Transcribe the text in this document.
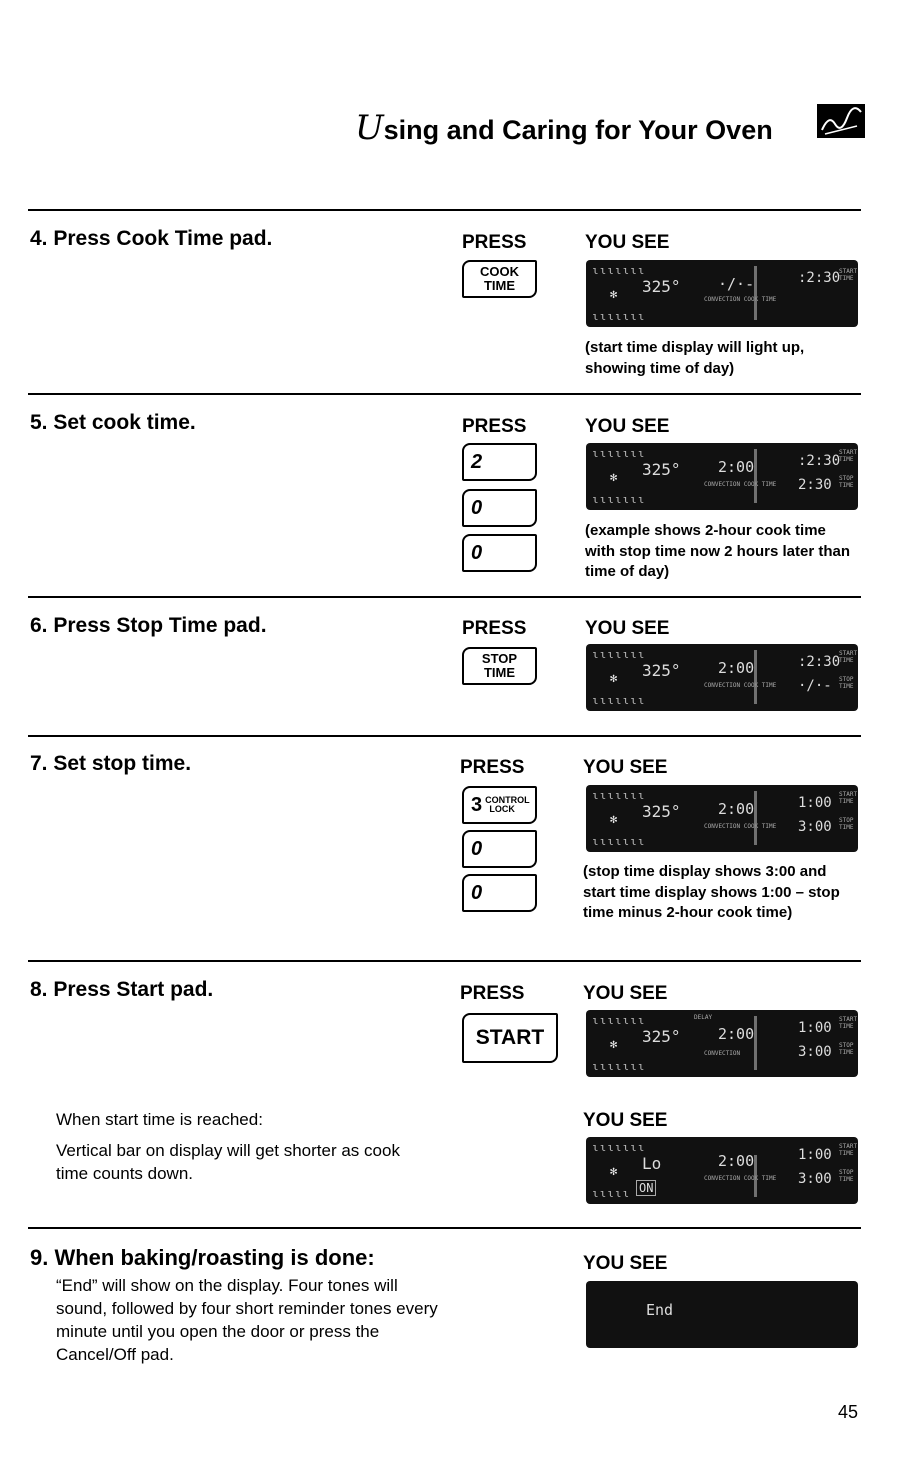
Using and Caring for Your Oven
4. Press Cook Time pad.	PRESS	YOU SEE
COOK TIME
ɩɩɩɩɩɩɩ
✻
ɩɩɩɩɩɩɩ
325° ·/·-
CONVECTION COOK TIME
:2:30
START TIME
(start time display will light up, showing time of day)
5. Set cook time.	PRESS	YOU SEE
2
0
0
ɩɩɩɩɩɩɩ
✻
ɩɩɩɩɩɩɩ
325° 2:00
CONVECTION COOK TIME
:2:30
START TIME
2:30 STOP TIME
(example shows 2-hour cook time with stop time now 2 hours later than time of day)
6. Press Stop Time pad.	PRESS	YOU SEE
STOP TIME
ɩɩɩɩɩɩɩ
✻
ɩɩɩɩɩɩɩ
325° 2:00
CONVECTION COOK TIME
:2:30
START TIME
·/·- STOP TIME
7. Set stop time.	PRESS	YOU SEE
3 CONTROL LOCK
0
0
ɩɩɩɩɩɩɩ
✻
ɩɩɩɩɩɩɩ
325° 2:00
CONVECTION COOK TIME
1:00
START TIME
3:00 STOP TIME
(stop time display shows 3:00 and start time display shows 1:00 – stop time minus 2-hour cook time)
8. Press Start pad.	PRESS	YOU SEE
START
ɩɩɩɩɩɩɩ
✻
ɩɩɩɩɩɩɩ
325°
DELAY
2:00
CONVECTION
1:00
START TIME
3:00 STOP TIME
When start time is reached:
Vertical bar on display will get shorter as cook time counts down.
YOU SEE
ɩɩɩɩɩɩɩ
✻
ɩɩɩɩɩ
Lo
ON
2:00
CONVECTION COOK TIME
1:00
START TIME
3:00 STOP TIME
9. When baking/roasting is done:
“End” will show on the display. Four tones will sound, followed by four short reminder tones every minute until you open the door or press the Cancel/Off pad.
YOU SEE
End
45
